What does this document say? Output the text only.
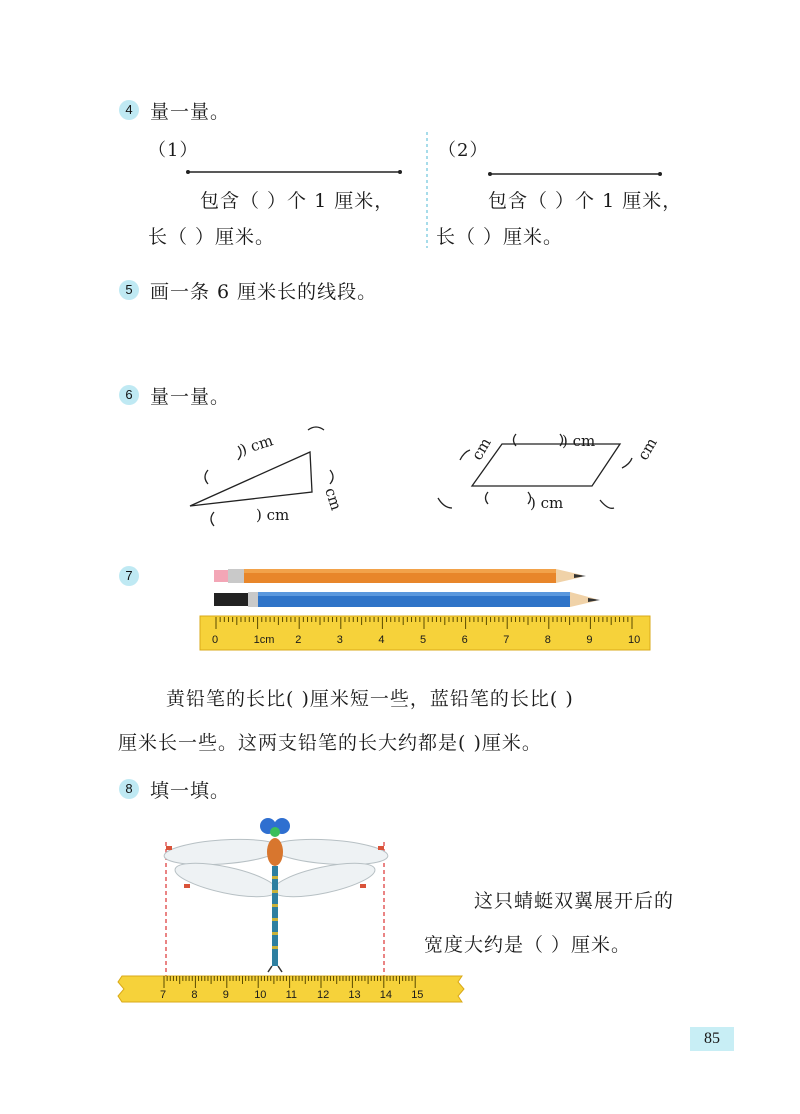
4 量一量。
（1）
包含（ ）个 1 厘米，
长（ ）厘米。
（2）
包含（ ）个 1 厘米，
长（ ）厘米。
5 画一条 6 厘米长的线段。
6 量一量。
) cm
cm
) cm
) cm
cm	cm
) cm
7
0	1cm 2	3	4	5	6	7	8	9	10
黄铅笔的长比( )厘米短一些，蓝铅笔的长比( )
厘米长一些。这两支铅笔的长大约都是( )厘米。
8 填一填。
7 8 9 10 11 12 13 14 15
这只蜻蜓双翼展开后的
宽度大约是（ ）厘米。
85
